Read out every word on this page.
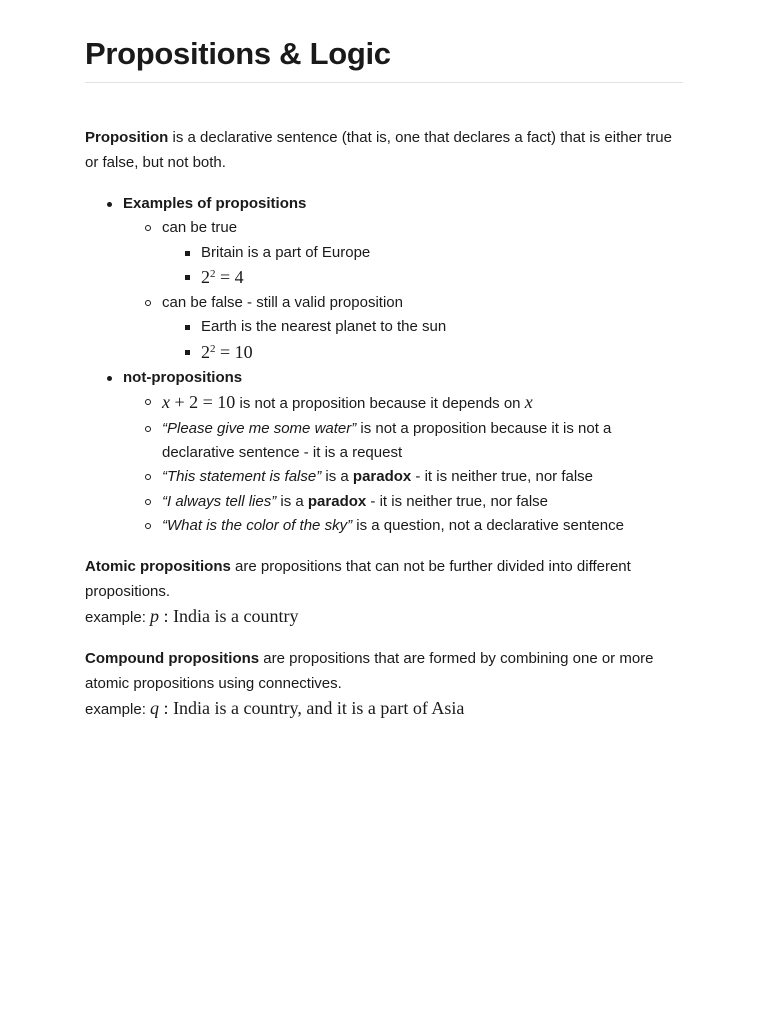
Propositions & Logic

Proposition is a declarative sentence (that is, one that declares a fact) that is either true or false, but not both.

Examples of propositions
can be true
Britain is a part of Europe
$2^2 = 4$
can be false - still a valid proposition
Earth is the nearest planet to the sun
$2^2 = 10$
not-propositions
x + 2 = 10 is not a proposition because it depends on x
“Please give me some water” is not a proposition because it is not a declarative sentence - it is a request
“This statement is false” is a paradox - it is neither true, nor false
“I always tell lies” is a paradox - it is neither true, nor false
“What is the color of the sky” is a question, not a declarative sentence

Atomic propositions are propositions that can not be further divided into different propositions.

example: p : India is a country

Compound propositions are propositions that are formed by combining one or more atomic propositions using connectives.

example: q : India is a country, and it is a part of Asia
